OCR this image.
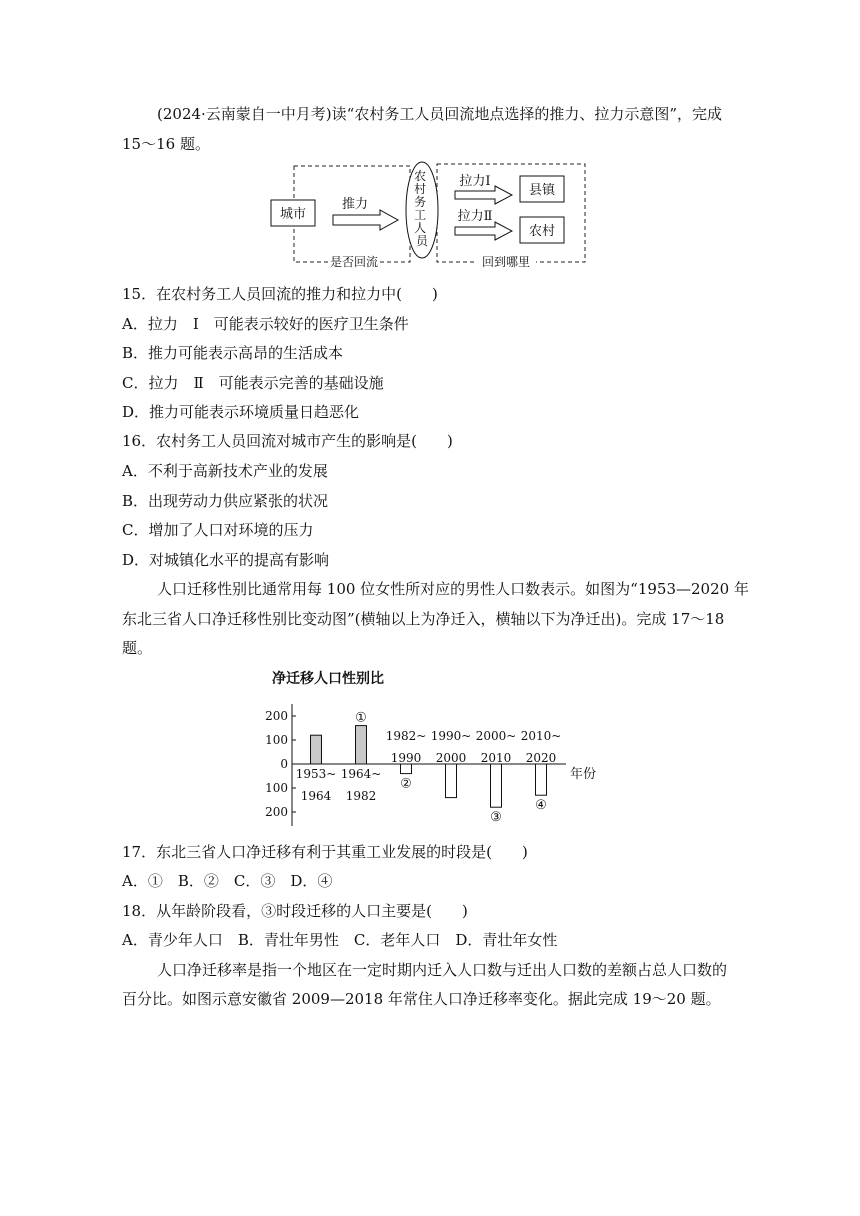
(2024·云南蒙自一中月考)读“农村务工人员回流地点选择的推力、拉力示意图”，完成
15～16 题。
城市
推力
农 村 务 工 人 员
拉力Ⅰ
县镇
拉力Ⅱ
农村
是否回流	回到哪里
15．在农村务工人员回流的推力和拉力中(　　)
A．拉力　Ⅰ　可能表示较好的医疗卫生条件
B．推力可能表示高昂的生活成本
C．拉力　Ⅱ　可能表示完善的基础设施
D．推力可能表示环境质量日趋恶化
16．农村务工人员回流对城市产生的影响是(　　)
A．不利于高新技术产业的发展
B．出现劳动力供应紧张的状况
C．增加了人口对环境的压力
D．对城镇化水平的提高有影响
人口迁移性别比通常用每 100 位女性所对应的男性人口数表示。如图为“1953—2020 年
东北三省人口净迁移性别比变动图”(横轴以上为净迁入，横轴以下为净迁出)。完成 17～18
题。
净迁移人口性别比
年份
200
100
0
100
200
1953~
1964
1964~
1982
①
1982~
1990
②
1990~
2000
2000~
2010
③
2010~
2020
④
17．东北三省人口净迁移有利于其重工业发展的时段是(　　)
A．①　B．②　C．③　D．④
18．从年龄阶段看，③时段迁移的人口主要是(　　)
A．青少年人口　B．青壮年男性　C．老年人口　D．青壮年女性
人口净迁移率是指一个地区在一定时期内迁入人口数与迁出人口数的差额占总人口数的
百分比。如图示意安徽省 2009—2018 年常住人口净迁移率变化。据此完成 19～20 题。
